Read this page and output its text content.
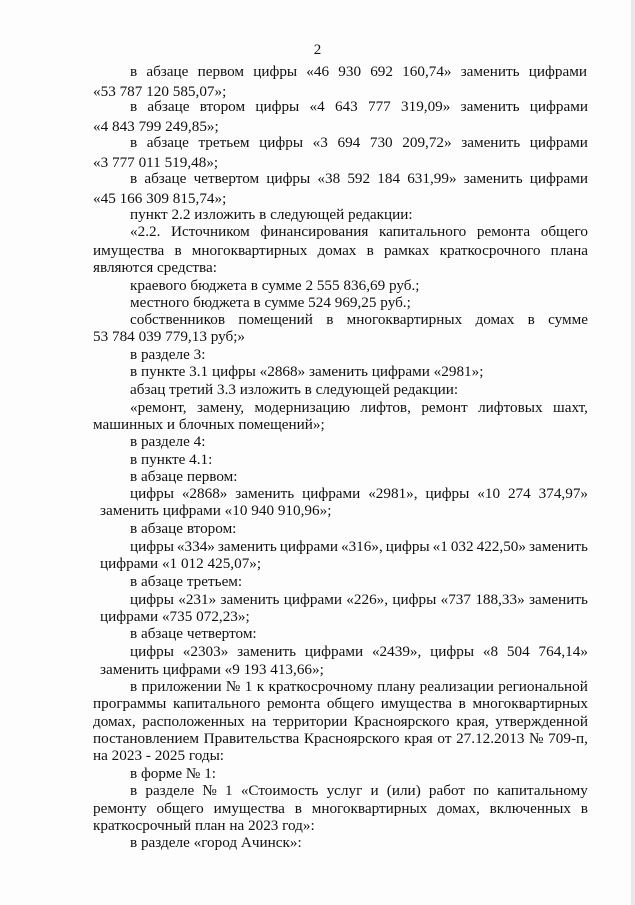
2
в абзаце первом цифры «46 930 692 160,74» заменить цифрами
«53 787 120 585,07»;
в абзаце втором цифры «4 643 777 319,09» заменить цифрами
«4 843 799 249,85»;
в абзаце третьем цифры «3 694 730 209,72» заменить цифрами
«3 777 011 519,48»;
в абзаце четвертом цифры «38 592 184 631,99» заменить цифрами
«45 166 309 815,74»;
пункт 2.2 изложить в следующей редакции:
«2.2. Источником финансирования капитального ремонта общего
имущества в многоквартирных домах в рамках краткосрочного плана
являются средства:
краевого бюджета в сумме 2 555 836,69 руб.;
местного бюджета в сумме 524 969,25 руб.;
собственников помещений в многоквартирных домах в сумме
53 784 039 779,13 руб;»
в разделе 3:
в пункте 3.1 цифры «2868» заменить цифрами «2981»;
абзац третий 3.3 изложить в следующей редакции:
«ремонт, замену, модернизацию лифтов, ремонт лифтовых шахт,
машинных и блочных помещений»;
в разделе 4:
в пункте 4.1:
в абзаце первом:
цифры «2868» заменить цифрами «2981», цифры «10 274 374,97»
заменить цифрами «10 940 910,96»;
в абзаце втором:
цифры «334» заменить цифрами «316», цифры «1 032 422,50» заменить
цифрами «1 012 425,07»;
в абзаце третьем:
цифры «231» заменить цифрами «226», цифры «737 188,33» заменить
цифрами «735 072,23»;
в абзаце четвертом:
цифры «2303» заменить цифрами «2439», цифры «8 504 764,14»
заменить цифрами «9 193 413,66»;
в приложении № 1 к краткосрочному плану реализации региональной
программы капитального ремонта общего имущества в многоквартирных
домах, расположенных на территории Красноярского края, утвержденной
постановлением Правительства Красноярского края от 27.12.2013 № 709-п,
на 2023 - 2025 годы:
в форме № 1:
в разделе № 1 «Стоимость услуг и (или) работ по капитальному
ремонту общего имущества в многоквартирных домах, включенных в
краткосрочный план на 2023 год»:
в разделе «город Ачинск»:
